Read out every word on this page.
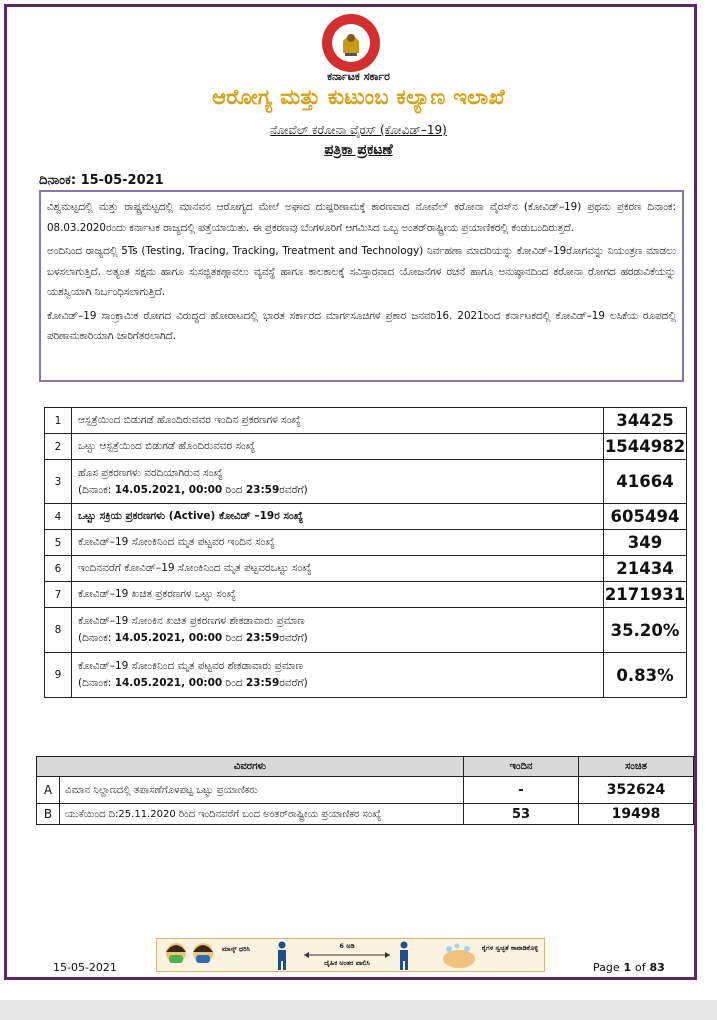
ಕರ್ನಾಟಕ ಸರ್ಕಾರ
ಆರೋಗ್ಯ ಮತ್ತು ಕುಟುಂಬ ಕಲ್ಯಾಣ ಇಲಾಖೆ
ನೋವೆಲ್ ಕರೋನಾ ವೈರಸ್ (ಕೋವಿಡ್–19)
ಪತ್ರಿಕಾ ಪ್ರಕಟಣೆ
ದಿನಾಂಕ: 15-05-2021

ವಿಶ್ವಮಟ್ಟದಲ್ಲಿ ಮತ್ತು ರಾಷ್ಟ್ರಮಟ್ಟದಲ್ಲಿ ಮಾನವನ ಆರೋಗ್ಯದ ಮೇಲೆ ಅಘಾದ ದುಷ್ಪರಿಣಾಮಕ್ಕೆ ಕಾರಣವಾದ ನೋವೆಲ್ ಕರೋನಾ ವೈರಸ್‌ನ (ಕೋವಿಡ್–19) ಪ್ರಥಮ ಪ್ರಕರಣ ದಿನಾಂಕ: 08.03.2020ರಂದು ಕರ್ನಾಟಕ ರಾಜ್ಯದಲ್ಲಿ ಪತ್ತೆಯಾಯಿತು. ಈ ಪ್ರಕರಣವು ಬೆಂಗಳೂರಿಗೆ ಆಗಮಿಸಿದ ಒಬ್ಬ ಅಂತರ್‌ರಾಷ್ಟ್ರೀಯ ಪ್ರಯಾಣಿಕರಲ್ಲಿ ಕಂಡುಬಂದಿರುತ್ತದೆ.

ಅಂದಿನಿಂದ ರಾಜ್ಯದಲ್ಲಿ 5Ts (Testing, Tracing, Tracking, Treatment and Technology) ನಿರ್ವಹಣಾ ಮಾದರಿಯನ್ನು ಕೋವಿಡ್–19ರೋಗವನ್ನು ನಿಯಂತ್ರಣ ಮಾಡಲು ಬಳಸಲಾಗುತ್ತಿದೆ. ಅತ್ಯಂತ ಸಕ್ಷಮ ಹಾಗೂ ಸುಸಜ್ಜಿತಕಣ್ಗಾವಲು ವ್ಯವಸ್ಥೆ ಹಾಗೂ ಕಾಲಕಾಲಕ್ಕೆ ಸವಿಸ್ತಾರವಾದ ಯೋಜನೆಗಳ ರಚನೆ ಹಾಗೂ ಅನುಷ್ಠಾನದಿಂದ ಕರೋನಾ ರೋಗದ ಹರಡುವಿಕೆಯನ್ನು ಯಶಸ್ವಿಯಾಗಿ ನಿರ್ಬಂಧಿಸಲಾಗುತ್ತಿದೆ.

ಕೋವಿಡ್–19 ಸಾಂಕ್ರಾಮಿಕ ರೋಗದ ವಿರುದ್ಧದ ಹೋರಾಟದಲ್ಲಿ ಭಾರತ ಸರ್ಕಾರದ ಮಾರ್ಗಸೂಚಿಗಳ ಪ್ರಕಾರ ಜನವರಿ16. 2021ರಿಂದ ಕರ್ನಾಟಕದಲ್ಲಿ ಕೋವಿಡ್–19 ಲಸಿಕೆಯ ರೂಪದಲ್ಲಿ ಪರಿಣಾಮಕಾರಿಯಾಗಿ ಜಾರಿಗೆತರಲಾಗಿದೆ.

1	ಆಸ್ಪತ್ರೆಯಿಂದ ಬಿಡುಗಡೆ ಹೊಂದಿರುವವರ ಇಂದಿನ ಪ್ರಕರಣಗಳ ಸಂಖ್ಯೆ	34425
2	ಒಟ್ಟು ಆಸ್ಪತ್ರೆಯಿಂದ ಬಿಡುಗಡೆ ಹೊಂದಿರುವವರ ಸಂಖ್ಯೆ	1544982
3	ಹೊಸ ಪ್ರಕರಣಗಳು ವರದಿಯಾಗಿರುವ ಸಂಖ್ಯೆ
(ದಿನಾಂಕ: 14.05.2021, 00:00 ರಿಂದ 23:59ರವರೆಗೆ)	41664
4	ಒಟ್ಟು ಸಕ್ರಿಯ ಪ್ರಕರಣಗಳು (Active) ಕೋವಿಡ್ –19ರ ಸಂಖ್ಯೆ	605494
5	ಕೋವಿಡ್–19 ಸೋಂಕಿನಿಂದ ಮೃತ ಪಟ್ಟವರ ಇಂದಿನ ಸಂಖ್ಯೆ	349
6	ಇಂದಿನವರೆಗೆ ಕೋವಿಡ್–19 ಸೋಂಕಿನಿಂದ ಮೃತ ಪಟ್ಟವರಒಟ್ಟು ಸಂಖ್ಯೆ	21434
7	ಕೋವಿಡ್–19 ಖಚಿತ ಪ್ರಕರಣಗಳ ಒಟ್ಟು ಸಂಖ್ಯೆ	2171931
8	ಕೋವಿಡ್–19 ಸೋಂಕಿನ ಖಚಿತ ಪ್ರಕರಣಗಳ ಶೇಕಡಾವಾರು ಪ್ರಮಾಣ
(ದಿನಾಂಕ: 14.05.2021, 00:00 ರಿಂದ 23:59ರವರೆಗೆ)	35.20%
9	ಕೋವಿಡ್–19 ಸೋಂಕಿನಿಂದ ಮೃತ ಪಟ್ಟವರ ಶೇಕಡಾವಾರು ಪ್ರಮಾಣ
(ದಿನಾಂಕ: 14.05.2021, 00:00 ರಿಂದ 23:59ರವರೆಗೆ)	0.83%
ವಿವರಗಳು		ಇಂದಿನ	ಸಂಚಿತ
A	ವಿಮಾನ ನಿಲ್ದಾಣದಲ್ಲಿ ತಪಾಸಣೆಗೊಳಪಟ್ಟ ಒಟ್ಟು ಪ್ರಯಾಣಿಕರು	-	352624
B	ಯುಕೆಯಿಂದ ದಿ:25.11.2020 ರಿಂದ ಇಂದಿನವರೆಗೆ ಬಂದ ಅಂತರ್‌ರಾಷ್ಟ್ರೀಯ ಪ್ರಯಾಣಿಕರ ಸಂಖ್ಯೆ	53	19498
ಮಾಸ್ಕ್ ಧರಿಸಿ	6 ಅಡಿ
ದೈಹಿಕ ಅಂತರ ಪಾಲಿಸಿ
ಕೈಗಳ ಸ್ವಚ್ಛತೆ ಕಾಪಾಡಿಕೊಳ್ಳಿ
15-05-2021	Page 1 of 83
